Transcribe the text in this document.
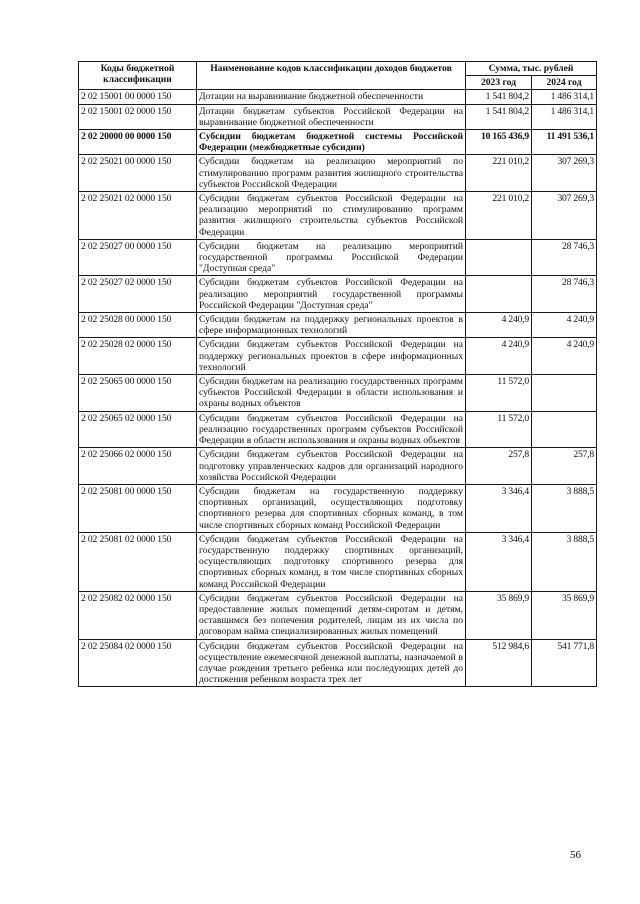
Коды бюджетной классификации	Наименование кодов классификации доходов бюджетов	Сумма, тыс. рублей	
		2023 год	2024 год
2 02 15001 00 0000 150	Дотации на выравнивание бюджетной обеспеченности	1 541 804,2	1 486 314,1
2 02 15001 02 0000 150	Дотации бюджетам субъектов Российской Федерации на выравнивание бюджетной обеспеченности	1 541 804,2	1 486 314,1
2 02 20000 00 0000 150	Субсидии бюджетам бюджетной системы Российской Федерации (межбюджетные субсидии)	10 165 436,9	11 491 536,1
2 02 25021 00 0000 150	Субсидии бюджетам на реализацию мероприятий по стимулированию программ развития жилищного строительства субъектов Российской Федерации	221 010,2	307 269,3
2 02 25021 02 0000 150	Субсидии бюджетам субъектов Российской Федерации на реализацию мероприятий по стимулированию программ развития жилищного строительства субъектов Российской Федерации	221 010,2	307 269,3
2 02 25027 00 0000 150	Субсидии бюджетам на реализацию мероприятий государственной программы Российской Федерации "Доступная среда"		28 746,3
2 02 25027 02 0000 150	Субсидии бюджетам субъектов Российской Федерации на реализацию мероприятий государственной программы Российской Федерации "Доступная среда"		28 746,3
2 02 25028 00 0000 150	Субсидии бюджетам на поддержку региональных проектов в сфере информационных технологий	4 240,9	4 240,9
2 02 25028 02 0000 150	Субсидии бюджетам субъектов Российской Федерации на поддержку региональных проектов в сфере информационных технологий	4 240,9	4 240,9
2 02 25065 00 0000 150	Субсидии бюджетам на реализацию государственных программ субъектов Российской Федерации в области использования и охраны водных объектов	11 572,0	
2 02 25065 02 0000 150	Субсидии бюджетам субъектов Российской Федерации на реализацию государственных программ субъектов Российской Федерации в области использования и охраны водных объектов	11 572,0	
2 02 25066 02 0000 150	Субсидии бюджетам субъектов Российской Федерации на подготовку управленческих кадров для организаций народного хозяйства Российской Федерации	257,8	257,8
2 02 25081 00 0000 150	Субсидии бюджетам на государственную поддержку спортивных организаций, осуществляющих подготовку спортивного резерва для спортивных сборных команд, в том числе спортивных сборных команд Российской Федерации	3 346,4	3 888,5
2 02 25081 02 0000 150	Субсидии бюджетам субъектов Российской Федерации на государственную поддержку спортивных организаций, осуществляющих подготовку спортивного резерва для спортивных сборных команд, в том числе спортивных сборных команд Российской Федерации	3 346,4	3 888,5
2 02 25082 02 0000 150	Субсидии бюджетам субъектов Российской Федерации на предоставление жилых помещений детям-сиротам и детям, оставшимся без попечения родителей, лицам из их числа по договорам найма специализированных жилых помещений	35 869,9	35 869,9
2 02 25084 02 0000 150	Субсидии бюджетам субъектов Российской Федерации на осуществление ежемесячной денежной выплаты, назначаемой в случае рождения третьего ребенка или последующих детей до достижения ребенком возраста трех лет	512 984,6	541 771,8
56
